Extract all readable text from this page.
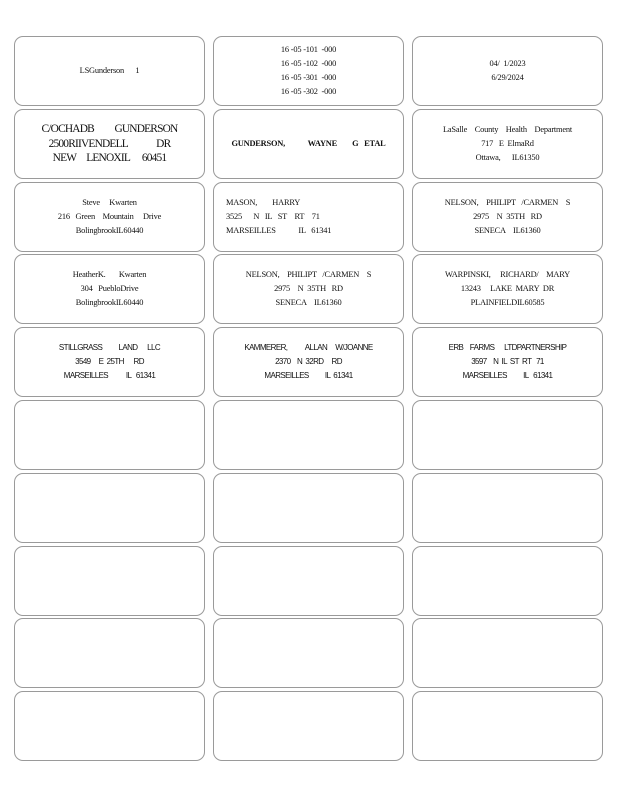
LSGunderson      1
16 -05 -101  -000
16 -05 -102  -000
16 -05 -301  -000
16 -05 -302  -000
04/  1/2023
6/29/2024
C/OCHADB          GUNDERSON
2500RIIVENDELL              DR
NEW     LENOXIL      60451
GUNDERSON,            WAYNE        G   ETAL
LaSalle    County    Health    Department
717   E  ElmaRd
Ottawa,      IL61350
Steve     Kwarten
216   Green    Mountain     Drive
BolingbrookIL60440
MASON,        HARRY
3525      N   IL   ST    RT    71
MARSEILLES            IL   61341
NELSON,    PHILIPT   /CARMEN    S
2975    N  35TH   RD
SENECA    IL61360
HeatherK.       Kwarten
304   PuebloDrive
BolingbrookIL60440
NELSON,    PHILIPT   /CARMEN    S
2975    N  35TH   RD
SENECA    IL61360
WARPINSKI,     RICHARD/    MARY
13243     LAKE  MARY  DR
PLAINFIELDIL60585
STILLGRASS          LAND      LLC
3549     E  25TH      RD
MARSEILLES           IL   61341
KAMMERER,           ALLAN     W/JOANNE
2370    N  32RD     RD
MARSEILLES          IL  61341
ERB    FARMS      LTDPARTNERSHIP
3597    N  IL  ST  RT   71
MARSEILLES          IL   61341
